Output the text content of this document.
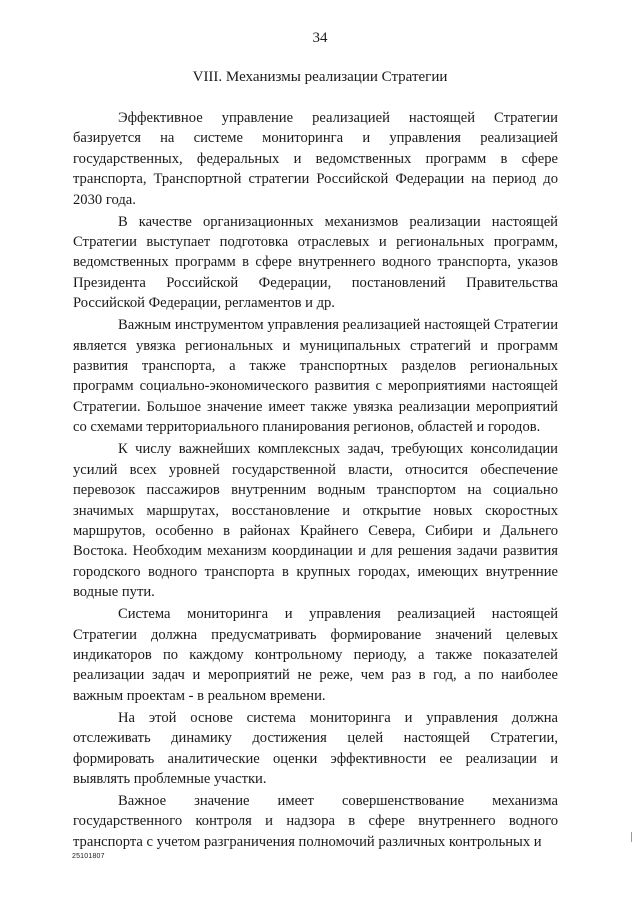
34
VIII. Механизмы реализации Стратегии

Эффективное управление реализацией настоящей Стратегии базируется на системе мониторинга и управления реализацией государственных, федеральных и ведомственных программ в сфере транспорта, Транспортной стратегии Российской Федерации на период до 2030 года.

В качестве организационных механизмов реализации настоящей Стратегии выступает подготовка отраслевых и региональных программ, ведомственных программ в сфере внутреннего водного транспорта, указов Президента Российской Федерации, постановлений Правительства Российской Федерации, регламентов и др.

Важным инструментом управления реализацией настоящей Стратегии является увязка региональных и муниципальных стратегий и программ развития транспорта, а также транспортных разделов региональных программ социально-экономического развития с мероприятиями настоящей Стратегии. Большое значение имеет также увязка реализации мероприятий со схемами территориального планирования регионов, областей и городов.

К числу важнейших комплексных задач, требующих консолидации усилий всех уровней государственной власти, относится обеспечение перевозок пассажиров внутренним водным транспортом на социально значимых маршрутах, восстановление и открытие новых скоростных маршрутов, особенно в районах Крайнего Севера, Сибири и Дальнего Востока. Необходим механизм координации и для решения задачи развития городского водного транспорта в крупных городах, имеющих внутренние водные пути.

Система мониторинга и управления реализацией настоящей Стратегии должна предусматривать формирование значений целевых индикаторов по каждому контрольному периоду, а также показателей реализации задач и мероприятий не реже, чем раз в год, а по наиболее важным проектам - в реальном времени.

На этой основе система мониторинга и управления должна отслеживать динамику достижения целей настоящей Стратегии, формировать аналитические оценки эффективности ее реализации и выявлять проблемные участки.

Важное значение имеет совершенствование механизма государственного контроля и надзора в сфере внутреннего водного транспорта с учетом разграничения полномочий различных контрольных и

25101807
